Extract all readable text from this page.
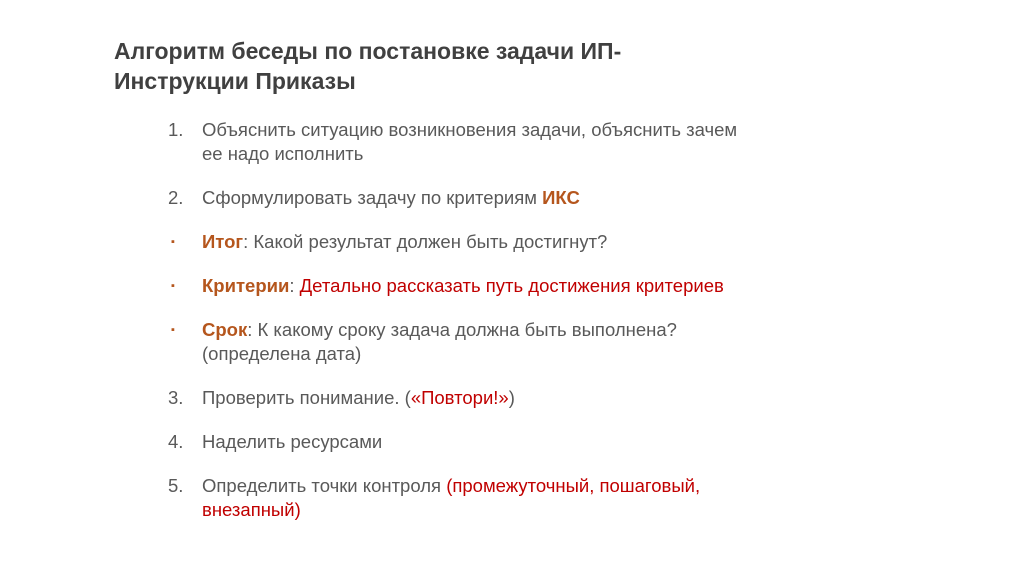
Алгоритм беседы по постановке задачи ИП-
Инструкции Приказы
1.	Объяснить ситуацию возникновения задачи, объяснить зачем
ее надо исполнить
2.	Сформулировать задачу по критериям ИКС
▪	Итог: Какой результат должен быть достигнут?
▪	Критерии: Детально рассказать путь достижения критериев
▪	Срок: К какому сроку задача должна быть выполнена?
(определена дата)
3.	Проверить понимание. («Повтори!»)
4.	Наделить ресурсами
5.	Определить точки контроля (промежуточный, пошаговый,
внезапный)
